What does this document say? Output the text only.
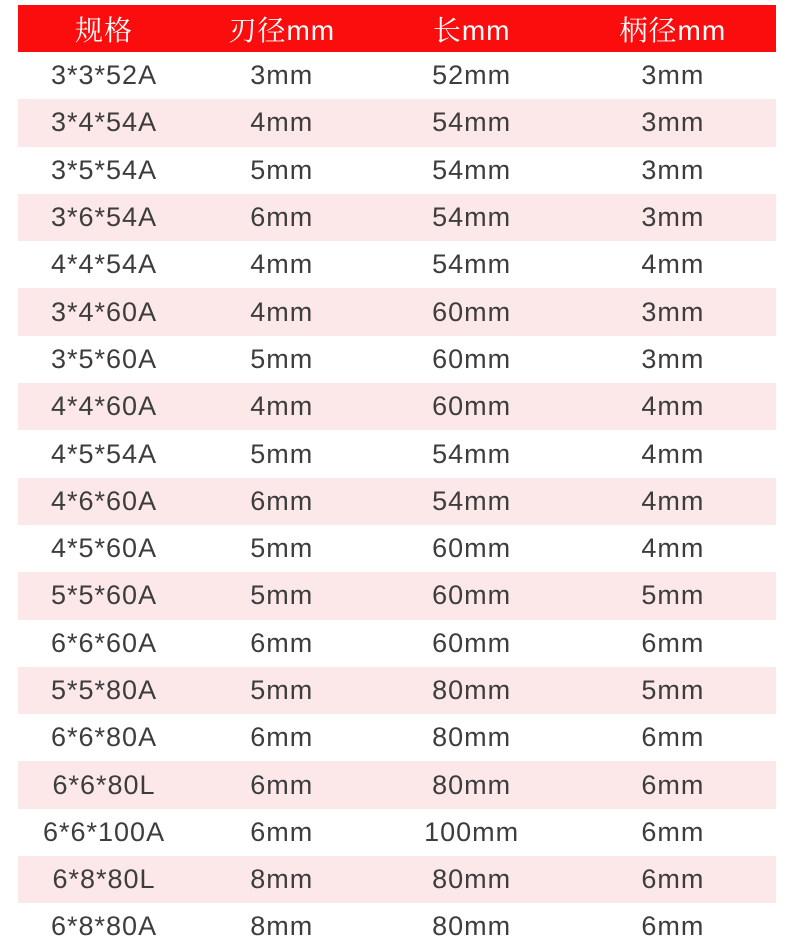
规格	刃径mm	长mm	柄径mm
3*3*52A	3mm	52mm	3mm
3*4*54A	4mm	54mm	3mm
3*5*54A	5mm	54mm	3mm
3*6*54A	6mm	54mm	3mm
4*4*54A	4mm	54mm	4mm
3*4*60A	4mm	60mm	3mm
3*5*60A	5mm	60mm	3mm
4*4*60A	4mm	60mm	4mm
4*5*54A	5mm	54mm	4mm
4*6*60A	6mm	54mm	4mm
4*5*60A	5mm	60mm	4mm
5*5*60A	5mm	60mm	5mm
6*6*60A	6mm	60mm	6mm
5*5*80A	5mm	80mm	5mm
6*6*80A	6mm	80mm	6mm
6*6*80L	6mm	80mm	6mm
6*6*100A	6mm	100mm	6mm
6*8*80L	8mm	80mm	6mm
6*8*80A	8mm	80mm	6mm
